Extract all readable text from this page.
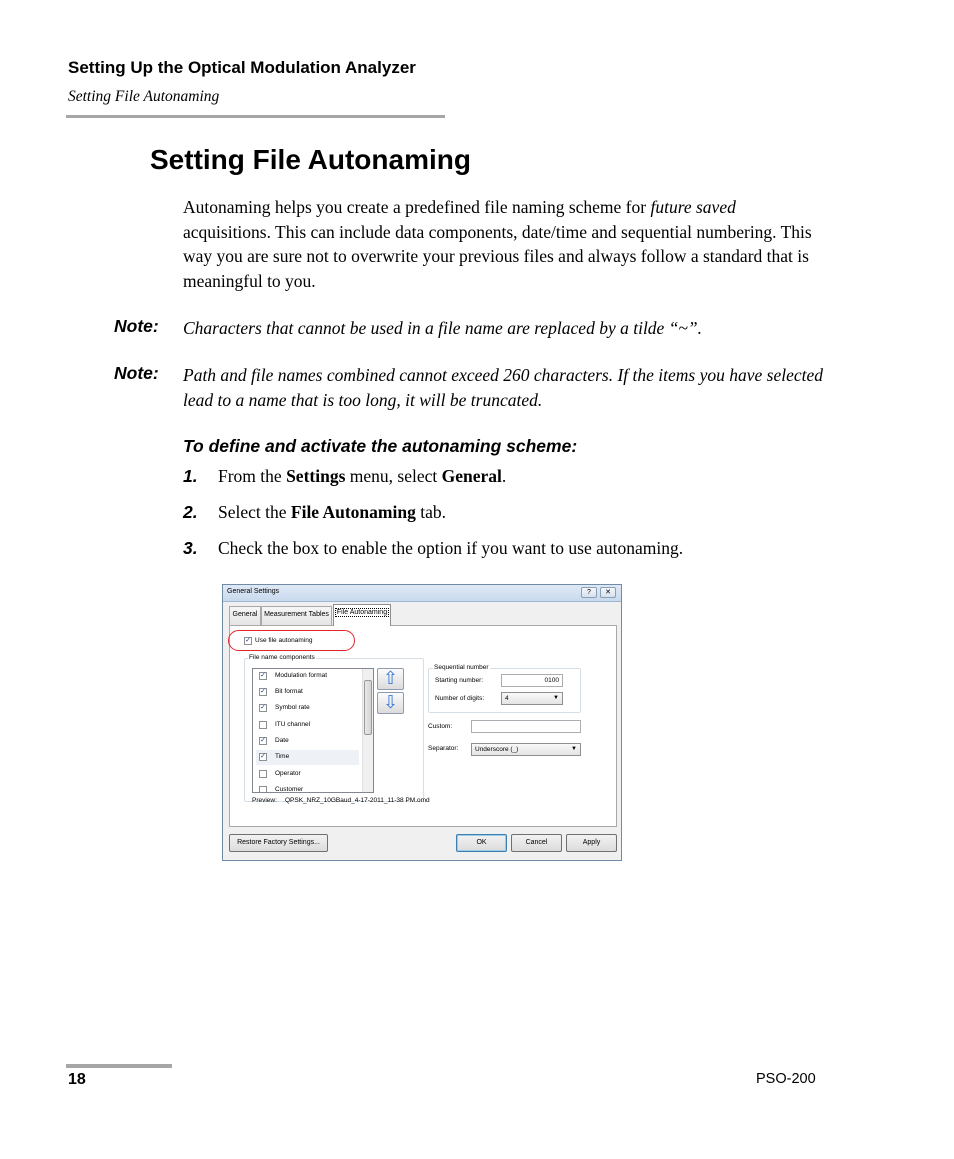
Setting Up the Optical Modulation Analyzer
Setting File Autonaming
Setting File Autonaming
Autonaming helps you create a predefined file naming scheme for future saved acquisitions. This can include data components, date/time and sequential numbering. This way you are sure not to overwrite your previous files and always follow a standard that is meaningful to you.
Note: Characters that cannot be used in a file name are replaced by a tilde “~”.
Note: Path and file names combined cannot exceed 260 characters. If the items you have selected lead to a name that is too long, it will be truncated.
To define and activate the autonaming scheme:
1. From the Settings menu, select General.
2. Select the File Autonaming tab.
3. Check the box to enable the option if you want to use autonaming.
General Settings	?	✕
General Measurement Tables	File Autonaming
✓ Use file autonaming
File name components
✓ Modulation format
✓ Bit format
✓ Symbol rate
ITU channel
✓ Date
✓ Time
Operator
Customer
⇧
⇩
Preview: QPSK_NRZ_10GBaud_4-17-2011_11-38 PM.omd
Sequential number
Starting number:	0100
Number of digits:	4	▼
Custom:
Separator:	Underscore (_)	▼
Restore Factory Settings...	OK	Cancel	Apply
18	PSO-200
